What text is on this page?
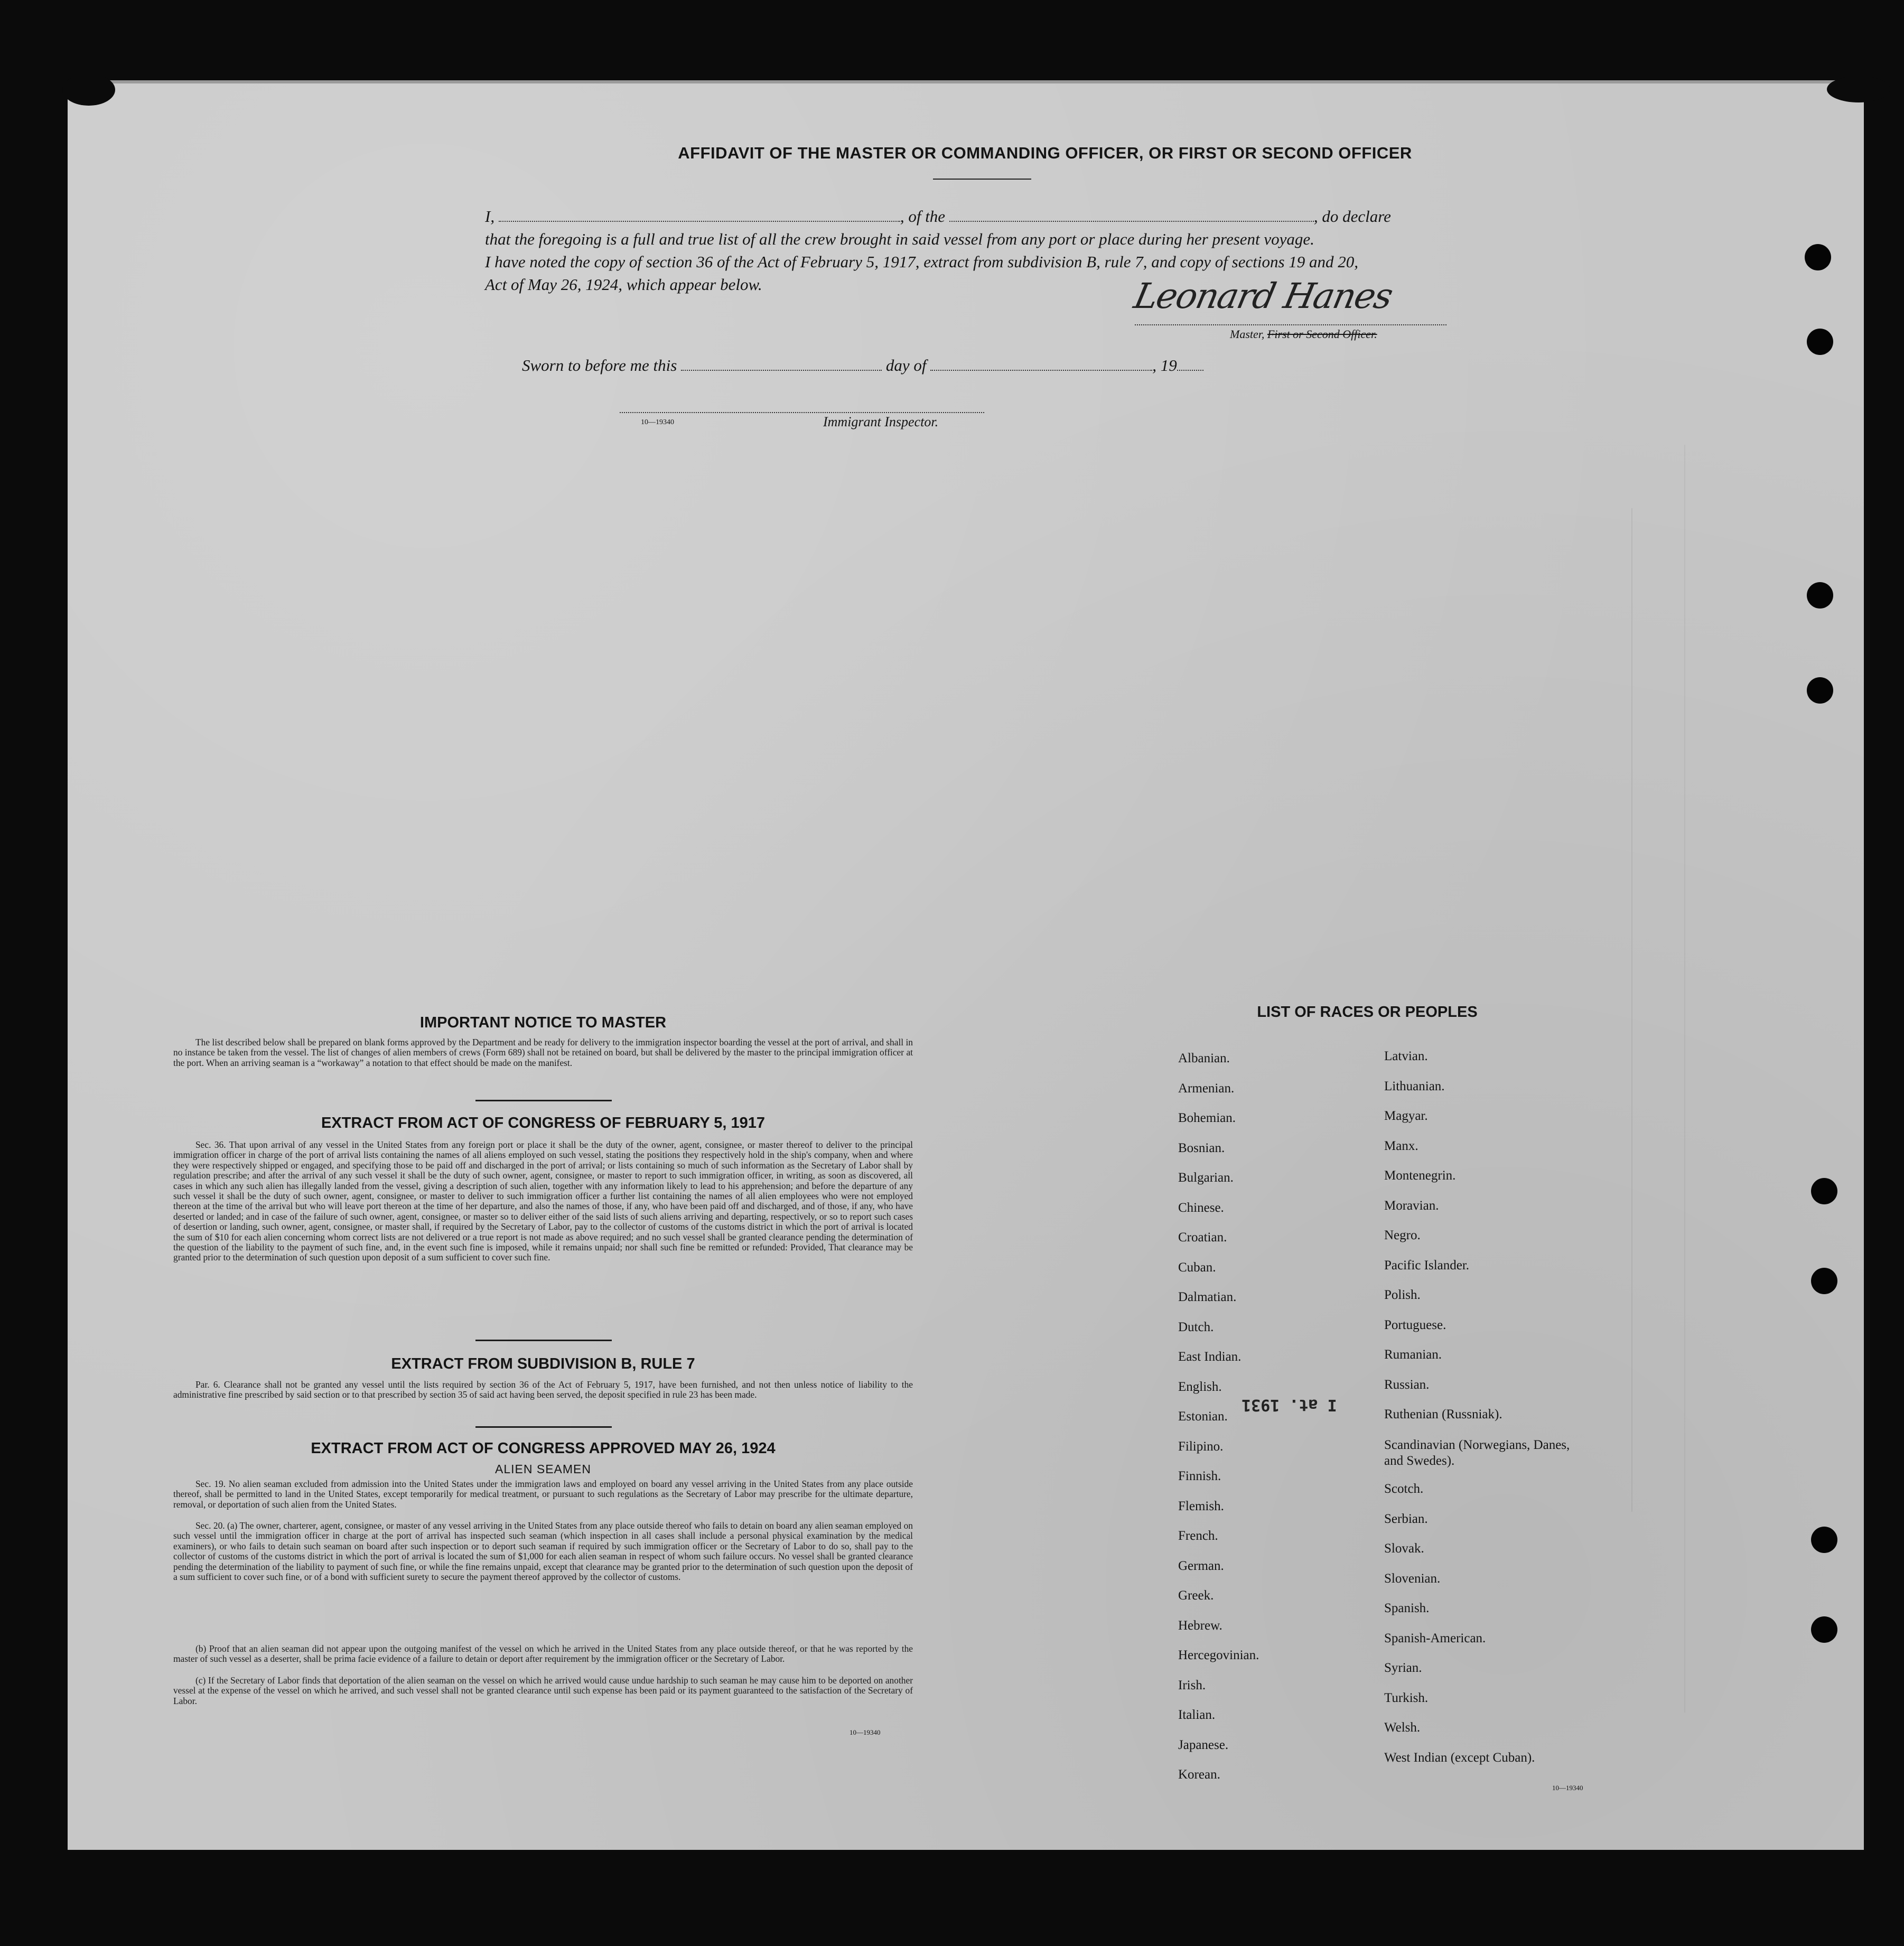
AFFIDAVIT OF THE MASTER OR COMMANDING OFFICER, OR FIRST OR SECOND OFFICER
I,	, of the	, do declare
that the foregoing is a full and true list of all the crew brought in said vessel from any port or place during her present voyage.
I have noted the copy of section 36 of the Act of February 5, 1917, extract from subdivision B, rule 7, and copy of sections 19 and 20,
Act of May 26, 1924, which appear below.	Leonard Hanes
Master, First or Second Officer.
Sworn to before me this	day of	, 19
10—19340	Immigrant Inspector.
IMPORTANT NOTICE TO MASTER
The list described below shall be prepared on blank forms approved by the Department and be ready for delivery to the immigration inspector boarding the vessel at the port of arrival, and shall in no instance be taken from the vessel. The list of changes of alien members of crews (Form 689) shall not be retained on board, but shall be delivered by the master to the principal immigration officer at the port. When an arriving seaman is a “workaway” a notation to that effect should be made on the manifest.
EXTRACT FROM ACT OF CONGRESS OF FEBRUARY 5, 1917
Sec. 36. That upon arrival of any vessel in the United States from any foreign port or place it shall be the duty of the owner, agent, consignee, or master thereof to deliver to the principal immigration officer in charge of the port of arrival lists containing the names of all aliens employed on such vessel, stating the positions they respectively hold in the ship's company, when and where they were respectively shipped or engaged, and specifying those to be paid off and discharged in the port of arrival; or lists containing so much of such information as the Secretary of Labor shall by regulation prescribe; and after the arrival of any such vessel it shall be the duty of such owner, agent, consignee, or master to report to such immigration officer, in writing, as soon as discovered, all cases in which any such alien has illegally landed from the vessel, giving a description of such alien, together with any information likely to lead to his apprehension; and before the departure of any such vessel it shall be the duty of such owner, agent, consignee, or master to deliver to such immigration officer a further list containing the names of all alien employees who were not employed thereon at the time of the arrival but who will leave port thereon at the time of her departure, and also the names of those, if any, who have been paid off and discharged, and of those, if any, who have deserted or landed; and in case of the failure of such owner, agent, consignee, or master so to deliver either of the said lists of such aliens arriving and departing, respectively, or so to report such cases of desertion or landing, such owner, agent, consignee, or master shall, if required by the Secretary of Labor, pay to the collector of customs of the customs district in which the port of arrival is located the sum of $10 for each alien concerning whom correct lists are not delivered or a true report is not made as above required; and no such vessel shall be granted clearance pending the determination of the question of the liability to the payment of such fine, and, in the event such fine is imposed, while it remains unpaid; nor shall such fine be remitted or refunded: Provided, That clearance may be granted prior to the determination of such question upon deposit of a sum sufficient to cover such fine.
EXTRACT FROM SUBDIVISION B, RULE 7
Par. 6. Clearance shall not be granted any vessel until the lists required by section 36 of the Act of February 5, 1917, have been furnished, and not then unless notice of liability to the administrative fine prescribed by said section or to that prescribed by section 35 of said act having been served, the deposit specified in rule 23 has been made.
EXTRACT FROM ACT OF CONGRESS APPROVED MAY 26, 1924
ALIEN SEAMEN
Sec. 19. No alien seaman excluded from admission into the United States under the immigration laws and employed on board any vessel arriving in the United States from any place outside thereof, shall be permitted to land in the United States, except temporarily for medical treatment, or pursuant to such regulations as the Secretary of Labor may prescribe for the ultimate departure, removal, or deportation of such alien from the United States.
Sec. 20. (a) The owner, charterer, agent, consignee, or master of any vessel arriving in the United States from any place outside thereof who fails to detain on board any alien seaman employed on such vessel until the immigration officer in charge at the port of arrival has inspected such seaman (which inspection in all cases shall include a personal physical examination by the medical examiners), or who fails to detain such seaman on board after such inspection or to deport such seaman if required by such immigration officer or the Secretary of Labor to do so, shall pay to the collector of customs of the customs district in which the port of arrival is located the sum of $1,000 for each alien seaman in respect of whom such failure occurs. No vessel shall be granted clearance pending the determination of the liability to payment of such fine, or while the fine remains unpaid, except that clearance may be granted prior to the determination of such question upon the deposit of a sum sufficient to cover such fine, or of a bond with sufficient surety to secure the payment thereof approved by the collector of customs.
(b) Proof that an alien seaman did not appear upon the outgoing manifest of the vessel on which he arrived in the United States from any place outside thereof, or that he was reported by the master of such vessel as a deserter, shall be prima facie evidence of a failure to detain or deport after requirement by the immigration officer or the Secretary of Labor.
(c) If the Secretary of Labor finds that deportation of the alien seaman on the vessel on which he arrived would cause undue hardship to such seaman he may cause him to be deported on another vessel at the expense of the vessel on which he arrived, and such vessel shall not be granted clearance until such expense has been paid or its payment guaranteed to the satisfaction of the Secretary of Labor.
10—19340
LIST OF RACES OR PEOPLES
I at. 1931
10—19340
Albanian.
Armenian.
Bohemian.
Bosnian.
Bulgarian.
Chinese.
Croatian.
Cuban.
Dalmatian.
Dutch.
East Indian.
English.
Estonian.
Filipino.
Finnish.
Flemish.
French.
German.
Greek.
Hebrew.
Hercegovinian.
Irish.
Italian.
Japanese.
Korean.
Latvian.
Lithuanian.
Magyar.
Manx.
Montenegrin.
Moravian.
Negro.
Pacific Islander.
Polish.
Portuguese.
Rumanian.
Russian.
Ruthenian (Russniak).
Scandinavian (Norwegians, Danes, and Swedes).
Scotch.
Serbian.
Slovak.
Slovenian.
Spanish.
Spanish-American.
Syrian.
Turkish.
Welsh.
West Indian (except Cuban).
